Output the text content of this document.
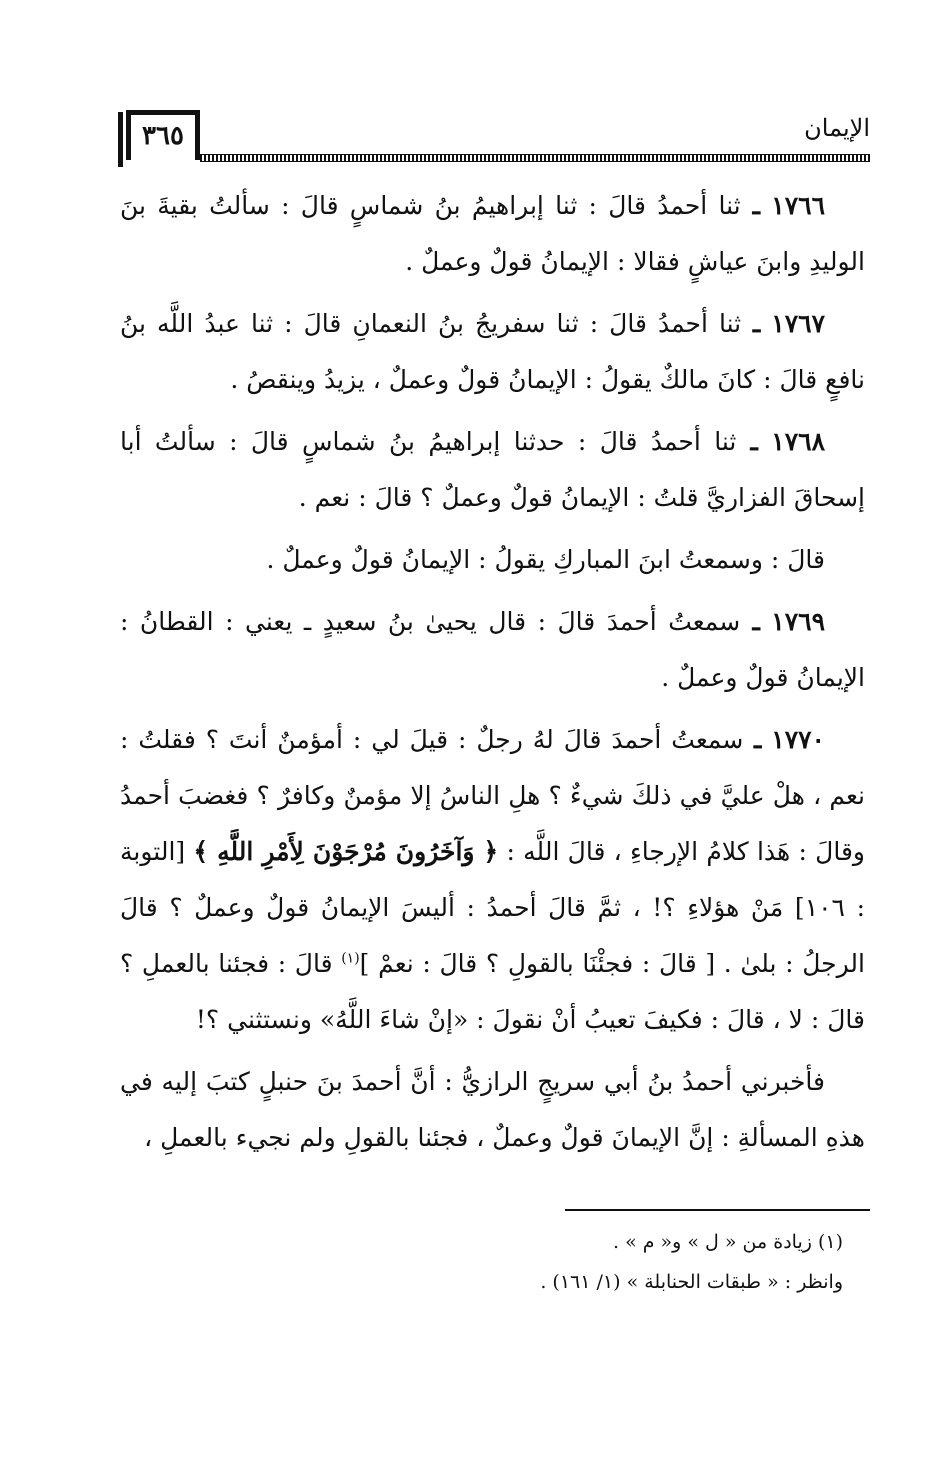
٣٦٥	الإيمان

١٧٦٦ ـ ثنا أحمدُ قالَ : ثنا إبراهيمُ بنُ شماسٍ قالَ : سألتُ بقيةَ بنَ الوليدِ وابنَ عياشٍ فقالا : الإيمانُ قولٌ وعملٌ .

١٧٦٧ ـ ثنا أحمدُ قالَ : ثنا سفريجُ بنُ النعمانِ قالَ : ثنا عبدُ اللَّه بنُ نافعٍ قالَ : كانَ مالكٌ يقولُ : الإيمانُ قولٌ وعملٌ ، يزيدُ وينقصُ .

١٧٦٨ ـ ثنا أحمدُ قالَ : حدثنا إبراهيمُ بنُ شماسٍ قالَ : سألتُ أبا إسحاقَ الفزاريَّ قلتُ : الإيمانُ قولٌ وعملٌ ؟ قالَ : نعم .

قالَ : وسمعتُ ابنَ المباركِ يقولُ : الإيمانُ قولٌ وعملٌ .

١٧٦٩ ـ سمعتُ أحمدَ قالَ : قال يحيىٰ بنُ سعيدٍ ـ يعني : القطانُ : الإيمانُ قولٌ وعملٌ .

١٧٧٠ ـ سمعتُ أحمدَ قالَ لهُ رجلٌ : قيلَ لي : أمؤمنٌ أنتَ ؟ فقلتُ : نعم ، هلْ عليَّ في ذلكَ شيءٌ ؟ هلِ الناسُ إلا مؤمنٌ وكافرٌ ؟ فغضبَ أحمدُ وقالَ : هَذا كلامُ الإرجاءِ ، قالَ اللَّه : ﴿ وَآخَرُونَ مُرْجَوْنَ لِأَمْرِ اللَّهِ ﴾ [التوبة : ١٠٦] مَنْ هؤلاءِ ؟! ، ثمَّ قالَ أحمدُ : أليسَ الإيمانُ قولٌ وعملٌ ؟ قالَ الرجلُ : بلىٰ . [ قالَ : فجئْنَا بالقولِ ؟ قالَ : نعمْ ]$^{(١)}$ قالَ : فجئنا بالعملِ ؟ قالَ : لا ، قالَ : فكيفَ تعيبُ أنْ نقولَ : «إنْ شاءَ اللَّهُ» ونستثني ؟!

فأخبرني أحمدُ بنُ أبي سريجٍ الرازيُّ : أنَّ أحمدَ بنَ حنبلٍ كتبَ إليه في هذهِ المسألةِ : إنَّ الإيمانَ قولٌ وعملٌ ، فجئنا بالقولِ ولم نجيء بالعملِ ،

(١) زيادة من « ل » و« م » .

وانظر : « طبقات الحنابلة » (١/ ١٦١) .
